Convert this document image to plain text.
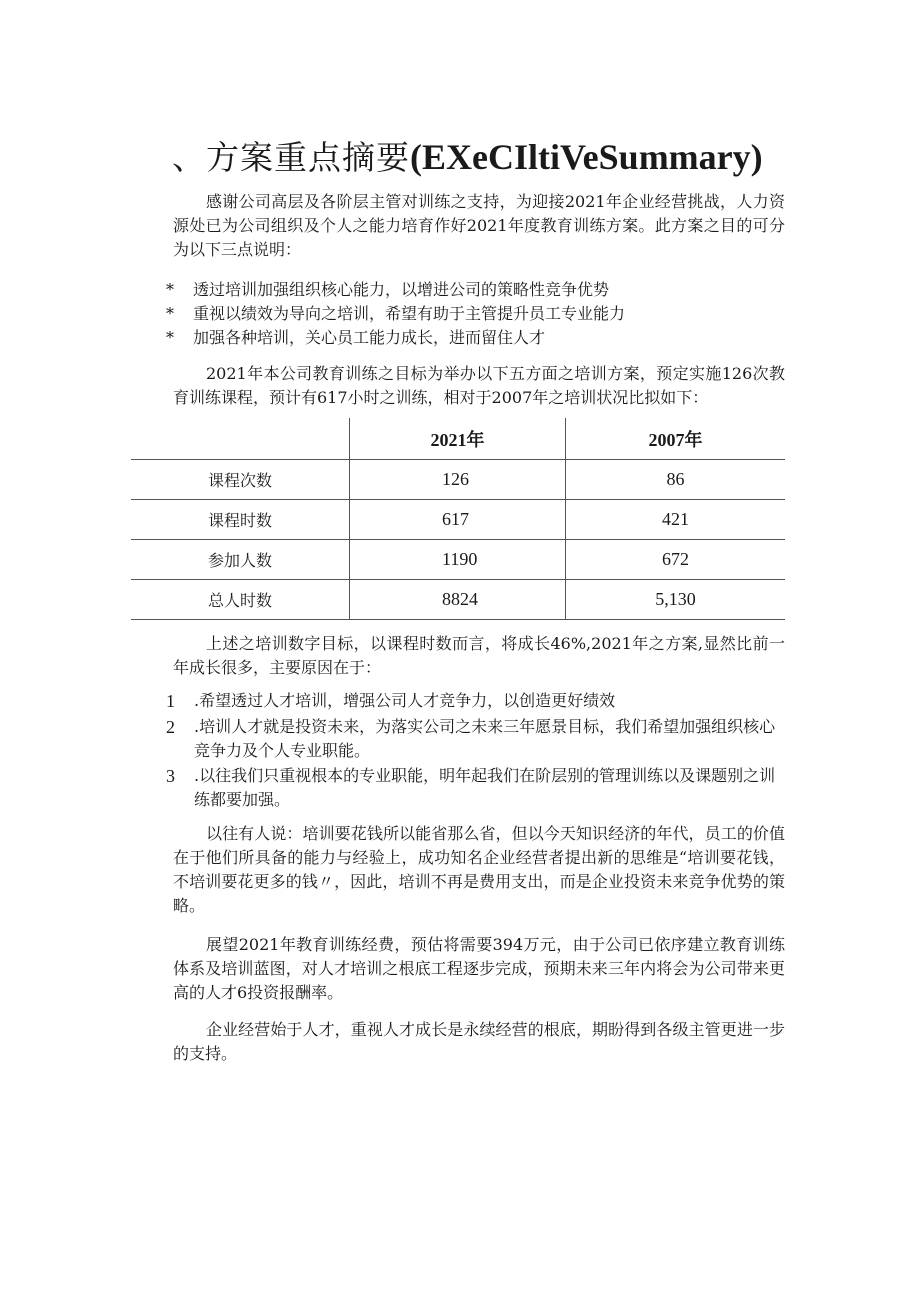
、方案重点摘要(EXeCIltiVeSummary)

感谢公司高层及各阶层主管对训练之支持，为迎接2021年企业经营挑战，人力资源处已为公司组织及个人之能力培育作好2021年度教育训练方案。此方案之目的可分为以下三点说明：

*	透过培训加强组织核心能力，以增进公司的策略性竞争优势
*	重视以绩效为导向之培训，希望有助于主管提升员工专业能力
*	加强各种培训，关心员工能力成长，进而留住人才

2021年本公司教育训练之目标为举办以下五方面之培训方案，预定实施126次教育训练课程，预计有617小时之训练，相对于2007年之培训状况比拟如下：

	2021年	2007年
课程次数	126	86
课程时数	617	421
参加人数	1190	672
总人时数	8824	5,130

上述之培训数字目标，以课程时数而言，将成长46%,2021年之方案,显然比前一年成长很多，主要原因在于：

1	.希望透过人才培训，增强公司人才竞争力，以创造更好绩效
2	.培训人才就是投资未来，为落实公司之未来三年愿景目标，我们希望加强组织核心竞争力及个人专业职能。
3	.以往我们只重视根本的专业职能，明年起我们在阶层别的管理训练以及课题别之训练都要加强。

以往有人说：培训要花钱所以能省那么省，但以今天知识经济的年代，员工的价值在于他们所具备的能力与经验上，成功知名企业经营者提出新的思维是“培训要花钱，不培训要花更多的钱〃，因此，培训不再是费用支出，而是企业投资未来竞争优势的策略。

展望2021年教育训练经费，预估将需要394万元，由于公司已依序建立教育训练体系及培训蓝图，对人才培训之根底工程逐步完成，预期未来三年内将会为公司带来更高的人才6投资报酬率。

企业经营始于人才，重视人才成长是永续经营的根底，期盼得到各级主管更进一步的支持。
